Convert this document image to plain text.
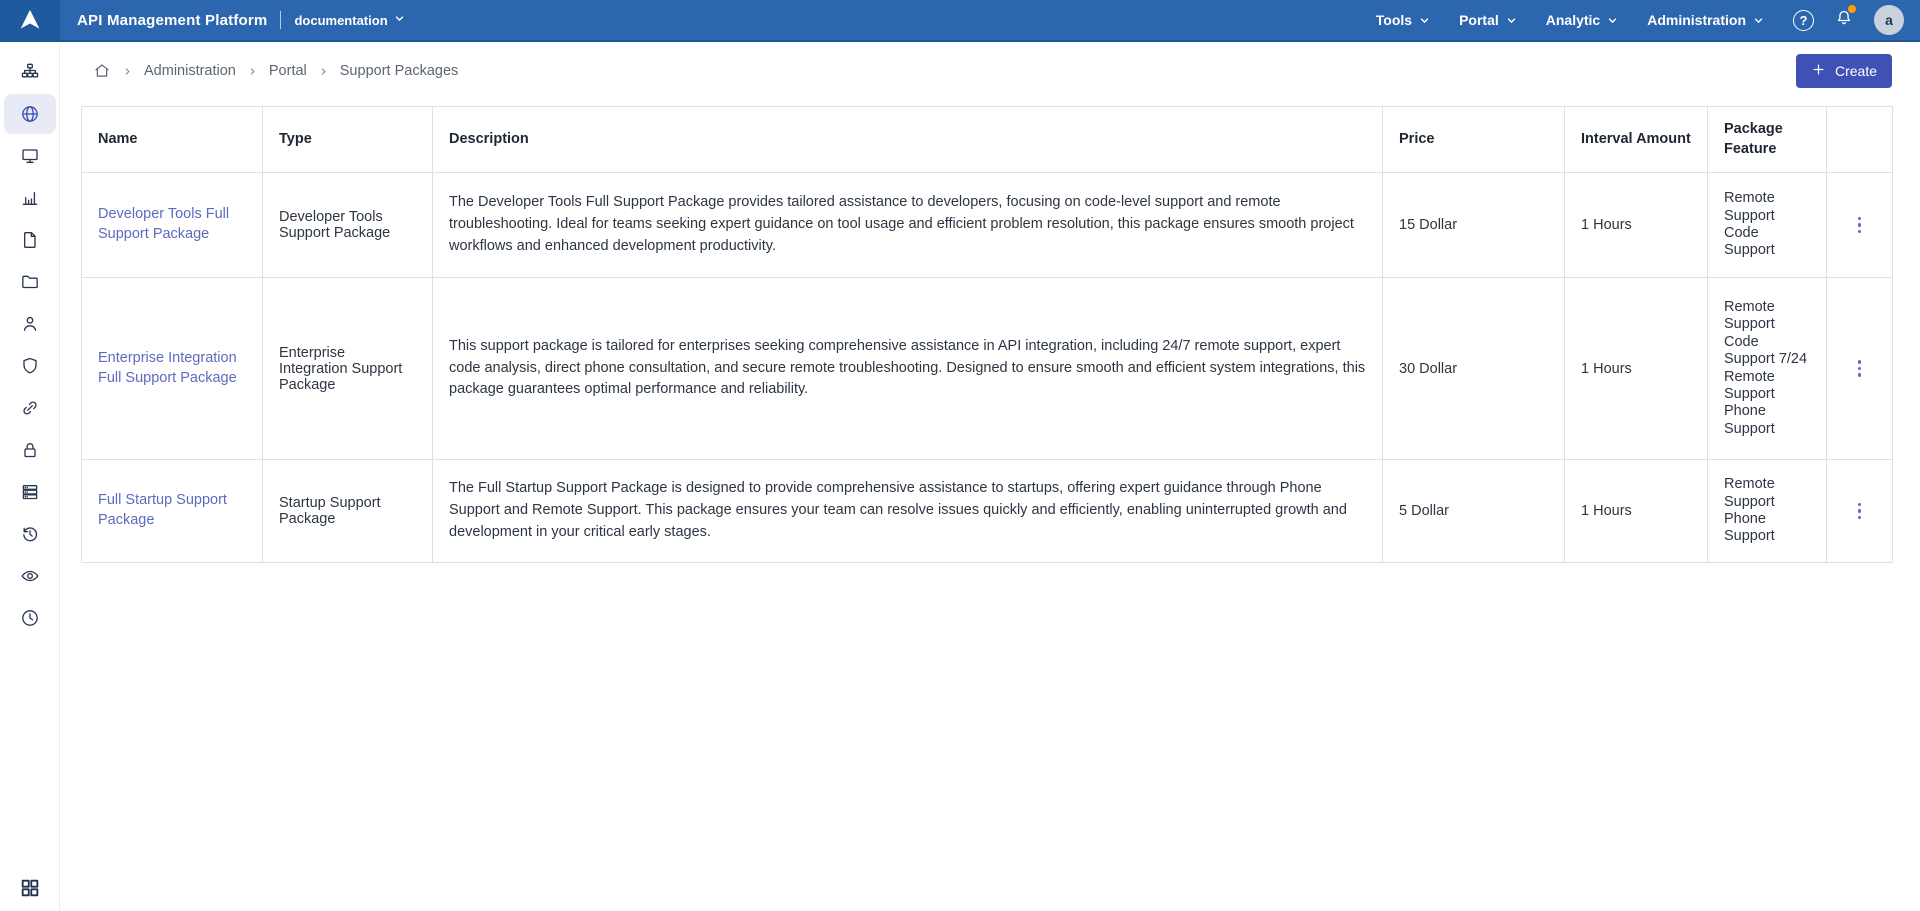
API Management Platform documentation	Tools	Portal	Analytic	Administration	?	a
Administration Portal Support Packages	Create
Name	Type	Description	Price	Interval Amount	Package Feature	
Developer Tools Full Support Package	Developer Tools Support Package	The Developer Tools Full Support Package provides tailored assistance to developers, focusing on code-level support and remote troubleshooting. Ideal for teams seeking expert guidance on tool usage and efficient problem resolution, this package ensures smooth project workflows and enhanced development productivity.	15 Dollar	1 Hours	Remote Support Code Support	

Enterprise Integration Full Support Package	Enterprise Integration Support Package	This support package is tailored for enterprises seeking comprehensive assistance in API integration, including 24/7 remote support, expert code analysis, direct phone consultation, and secure remote troubleshooting. Designed to ensure smooth and efficient system integrations, this package guarantees optimal performance and reliability.	30 Dollar	1 Hours	Remote Support Code Support 7/24 Remote Support Phone Support	

Full Startup Support Package	Startup Support Package	The Full Startup Support Package is designed to provide comprehensive assistance to startups, offering expert guidance through Phone Support and Remote Support. This package ensures your team can resolve issues quickly and efficiently, enabling uninterrupted growth and development in your critical early stages.	5 Dollar	1 Hours	Remote Support Phone Support	
